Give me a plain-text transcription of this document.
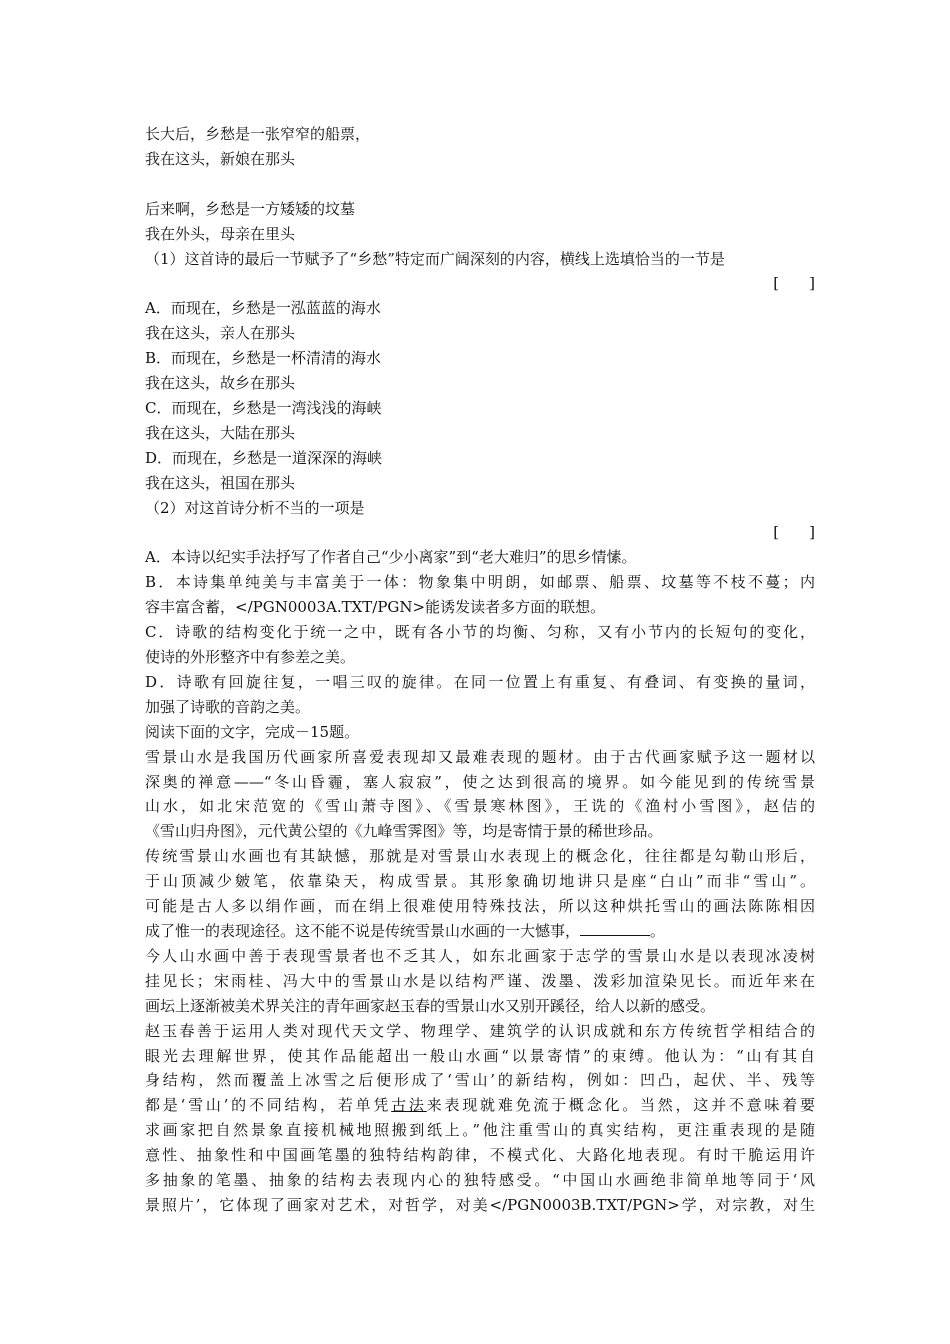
长大后，乡愁是一张窄窄的船票，

我在这头，新娘在那头

后来啊，乡愁是一方矮矮的坟墓

我在外头，母亲在里头

（1）这首诗的最后一节赋予了“乡愁”特定而广阔深刻的内容，横线上选填恰当的一节是

[　　]

A．而现在，乡愁是一泓蓝蓝的海水

我在这头，亲人在那头

B．而现在，乡愁是一杯清清的海水

我在这头，故乡在那头

C．而现在，乡愁是一湾浅浅的海峡

我在这头，大陆在那头

D．而现在，乡愁是一道深深的海峡

我在这头，祖国在那头

（2）对这首诗分析不当的一项是

[　　]

A．本诗以纪实手法抒写了作者自己“少小离家”到“老大难归”的思乡情愫。

B．本诗集单纯美与丰富美于一体：物象集中明朗，如邮票、船票、坟墓等不枝不蔓；内

容丰富含蓄，</PGN0003A.TXT/PGN>能诱发读者多方面的联想。

C．诗歌的结构变化于统一之中，既有各小节的均衡、匀称，又有小节内的长短句的变化，

使诗的外形整齐中有参差之美。

D．诗歌有回旋往复，一唱三叹的旋律。在同一位置上有重复、有叠词、有变换的量词，

加强了诗歌的音韵之美。

阅读下面的文字，完成－15题。

雪景山水是我国历代画家所喜爱表现却又最难表现的题材。由于古代画家赋予这一题材以

深奥的禅意——“冬山昏霾，塞人寂寂”，使之达到很高的境界。如今能见到的传统雪景

山水，如北宋范宽的《雪山萧寺图》、《雪景寒林图》，王诜的《渔村小雪图》，赵佶的

《雪山归舟图》，元代黄公望的《九峰雪霁图》等，均是寄情于景的稀世珍品。

传统雪景山水画也有其缺憾，那就是对雪景山水表现上的概念化，往往都是勾勒山形后，

于山顶减少皴笔，依靠染天，构成雪景。其形象确切地讲只是座“白山”而非“雪山”。

可能是古人多以绢作画，而在绢上很难使用特殊技法，所以这种烘托雪山的画法陈陈相因

成了惟一的表现途径。这不能不说是传统雪景山水画的一大憾事，	。

今人山水画中善于表现雪景者也不乏其人，如东北画家于志学的雪景山水是以表现冰凌树

挂见长；宋雨桂、冯大中的雪景山水是以结构严谨、泼墨、泼彩加渲染见长。而近年来在

画坛上逐渐被美术界关注的青年画家赵玉春的雪景山水又别开蹊径，给人以新的感受。

赵玉春善于运用人类对现代天文学、物理学、建筑学的认识成就和东方传统哲学相结合的

眼光去理解世界，使其作品能超出一般山水画“以景寄情”的束缚。他认为：“山有其自

身结构，然而覆盖上冰雪之后便形成了‘雪山’的新结构，例如：凹凸，起伏、半、残等

都是‘雪山’的不同结构，若单凭古法来表现就难免流于概念化。当然，这并不意味着要

求画家把自然景象直接机械地照搬到纸上。”他注重雪山的真实结构，更注重表现的是随

意性、抽象性和中国画笔墨的独特结构韵律，不模式化、大路化地表现。有时干脆运用许

多抽象的笔墨、抽象的结构去表现内心的独特感受。“中国山水画绝非简单地等同于‘风

景照片’，它体现了画家对艺术，对哲学，对美</PGN0003B.TXT/PGN>学，对宗教，对生
